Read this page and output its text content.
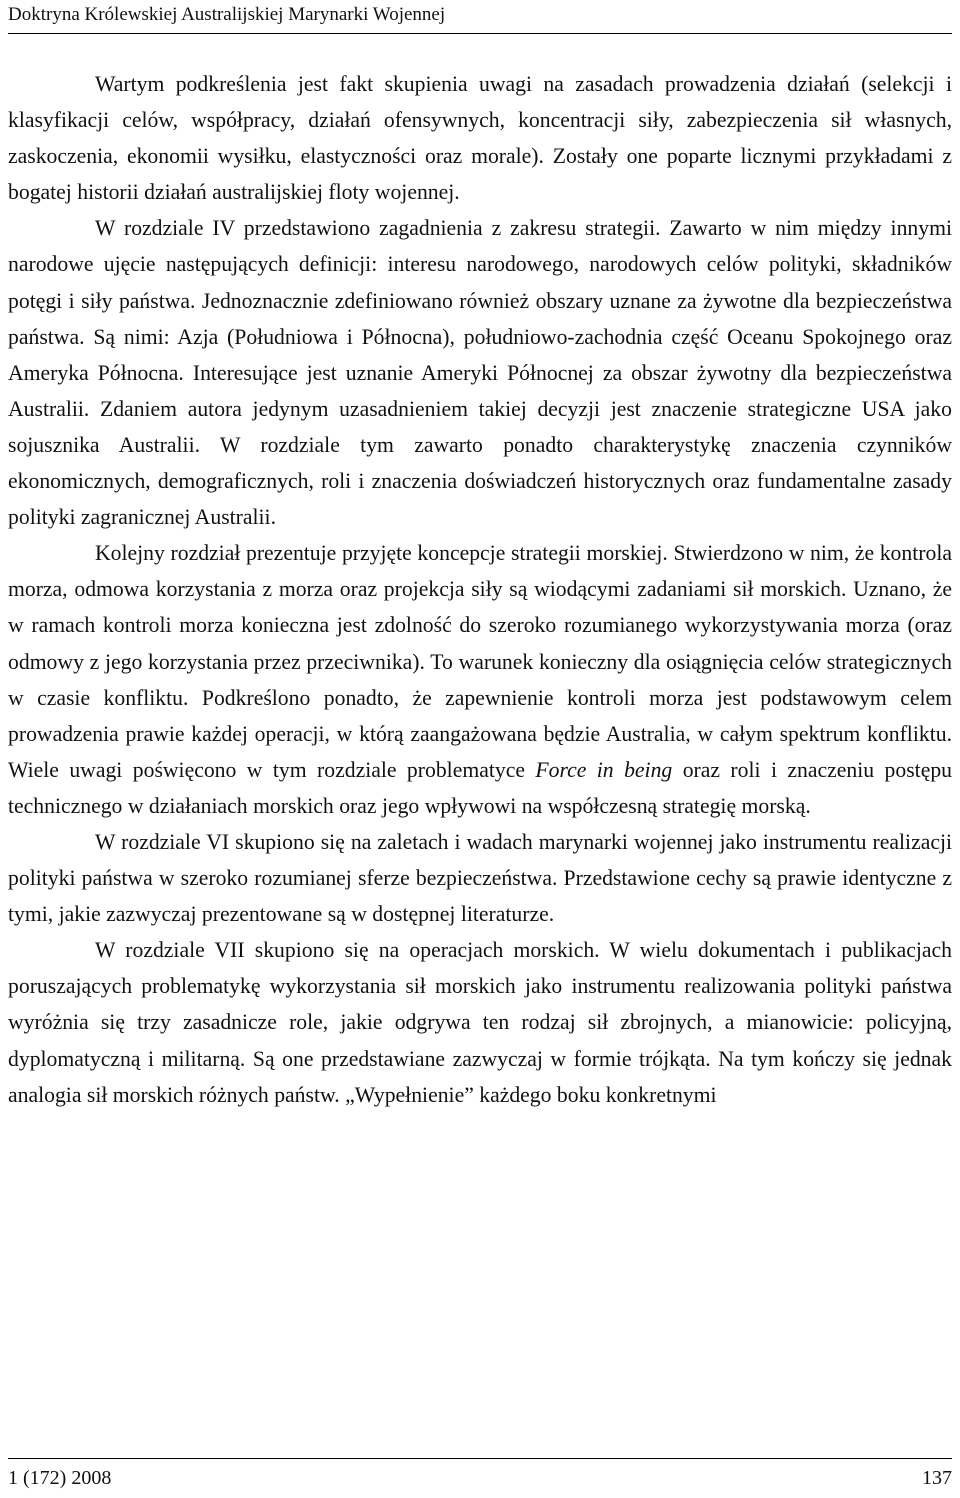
Doktryna Królewskiej Australijskiej Marynarki Wojennej

Wartym podkreślenia jest fakt skupienia uwagi na zasadach prowadzenia działań (selekcji i klasyfikacji celów, współpracy, działań ofensywnych, koncentracji siły, zabezpieczenia sił własnych, zaskoczenia, ekonomii wysiłku, elastyczności oraz morale). Zostały one poparte licznymi przykładami z bogatej historii działań australijskiej floty wojennej.

W rozdziale IV przedstawiono zagadnienia z zakresu strategii. Zawarto w nim między innymi narodowe ujęcie następujących definicji: interesu narodowego, narodowych celów polityki, składników potęgi i siły państwa. Jednoznacznie zdefiniowano również obszary uznane za żywotne dla bezpieczeństwa państwa. Są nimi: Azja (Południowa i Północna), południowo-zachodnia część Oceanu Spokojnego oraz Ameryka Północna. Interesujące jest uznanie Ameryki Północnej za obszar żywotny dla bezpieczeństwa Australii. Zdaniem autora jedynym uzasadnieniem takiej decyzji jest znaczenie strategiczne USA jako sojusznika Australii. W rozdziale tym zawarto ponadto charakterystykę znaczenia czynników ekonomicznych, demograficznych, roli i znaczenia doświadczeń historycznych oraz fundamentalne zasady polityki zagranicznej Australii.

Kolejny rozdział prezentuje przyjęte koncepcje strategii morskiej. Stwierdzono w nim, że kontrola morza, odmowa korzystania z morza oraz projekcja siły są wiodącymi zadaniami sił morskich. Uznano, że w ramach kontroli morza konieczna jest zdolność do szeroko rozumianego wykorzystywania morza (oraz odmowy z jego korzystania przez przeciwnika). To warunek konieczny dla osiągnięcia celów strategicznych w czasie konfliktu. Podkreślono ponadto, że zapewnienie kontroli morza jest podstawowym celem prowadzenia prawie każdej operacji, w którą zaangażowana będzie Australia, w całym spektrum konfliktu. Wiele uwagi poświęcono w tym rozdziale problematyce Force in being oraz roli i znaczeniu postępu technicznego w działaniach morskich oraz jego wpływowi na współczesną strategię morską.

W rozdziale VI skupiono się na zaletach i wadach marynarki wojennej jako instrumentu realizacji polityki państwa w szeroko rozumianej sferze bezpieczeństwa. Przedstawione cechy są prawie identyczne z tymi, jakie zazwyczaj prezentowane są w dostępnej literaturze.

W rozdziale VII skupiono się na operacjach morskich. W wielu dokumentach i publikacjach poruszających problematykę wykorzystania sił morskich jako instrumentu realizowania polityki państwa wyróżnia się trzy zasadnicze role, jakie odgrywa ten rodzaj sił zbrojnych, a mianowicie: policyjną, dyplomatyczną i militarną. Są one przedstawiane zazwyczaj w formie trójkąta. Na tym kończy się jednak analogia sił morskich różnych państw. „Wypełnienie” każdego boku konkretnymi

1 (172) 2008	137
